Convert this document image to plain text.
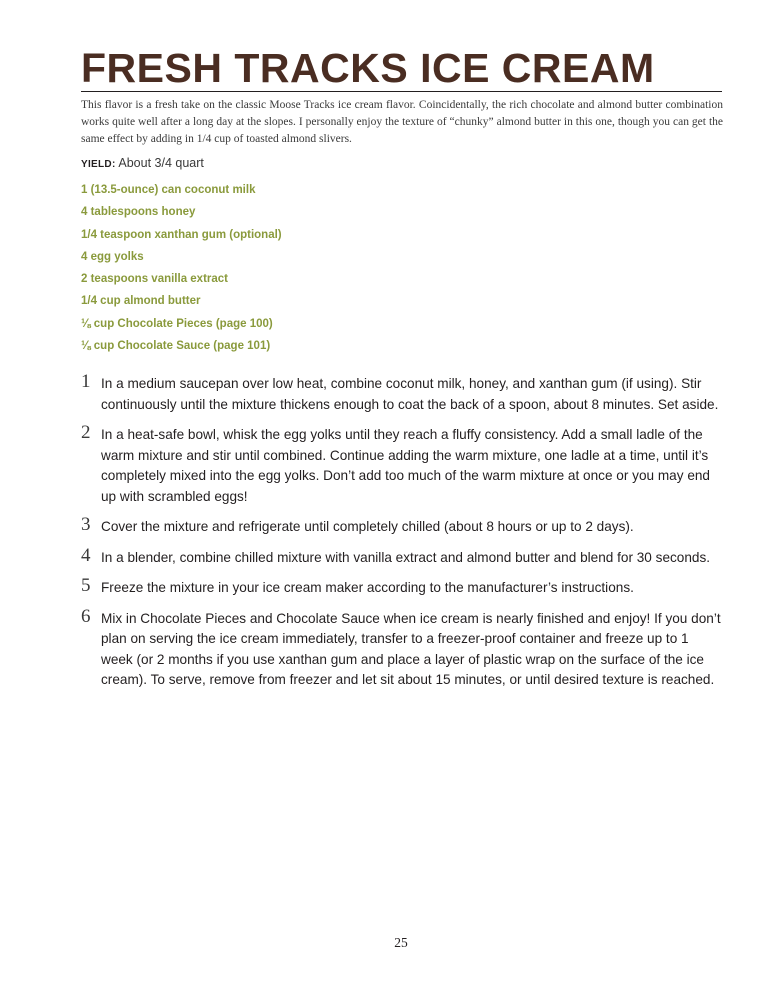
FRESH TRACKS ICE CREAM

This flavor is a fresh take on the classic Moose Tracks ice cream flavor. Coincidentally, the rich chocolate and almond butter combination works quite well after a long day at the slopes. I personally enjoy the texture of “chunky” almond butter in this one, though you can get the same effect by adding in 1/4 cup of toasted almond slivers.

YIELD: About 3/4 quart
1 (13.5-ounce) can coconut milk
4 tablespoons honey
1/4 teaspoon xanthan gum (optional)
4 egg yolks
2 teaspoons vanilla extract
1/4 cup almond butter
⅛ cup Chocolate Pieces (page 100)
⅛ cup Chocolate Sauce (page 101)
1 In a medium saucepan over low heat, combine coconut milk, honey, and xanthan gum (if using). Stir continuously until the mixture thickens enough to coat the back of a spoon, about 8 minutes. Set aside.
2 In a heat-safe bowl, whisk the egg yolks until they reach a fluffy consistency. Add a small ladle of the warm mixture and stir until combined. Continue adding the warm mixture, one ladle at a time, until it’s completely mixed into the egg yolks. Don’t add too much of the warm mixture at once or you may end up with scrambled eggs!
3 Cover the mixture and refrigerate until completely chilled (about 8 hours or up to 2 days).
4 In a blender, combine chilled mixture with vanilla extract and almond butter and blend for 30 seconds.
5 Freeze the mixture in your ice cream maker according to the manufacturer’s instructions.
6 Mix in Chocolate Pieces and Chocolate Sauce when ice cream is nearly finished and enjoy! If you don’t plan on serving the ice cream immediately, transfer to a freezer-proof container and freeze up to 1 week (or 2 months if you use xanthan gum and place a layer of plastic wrap on the surface of the ice cream). To serve, remove from freezer and let sit about 15 minutes, or until desired texture is reached.
25
